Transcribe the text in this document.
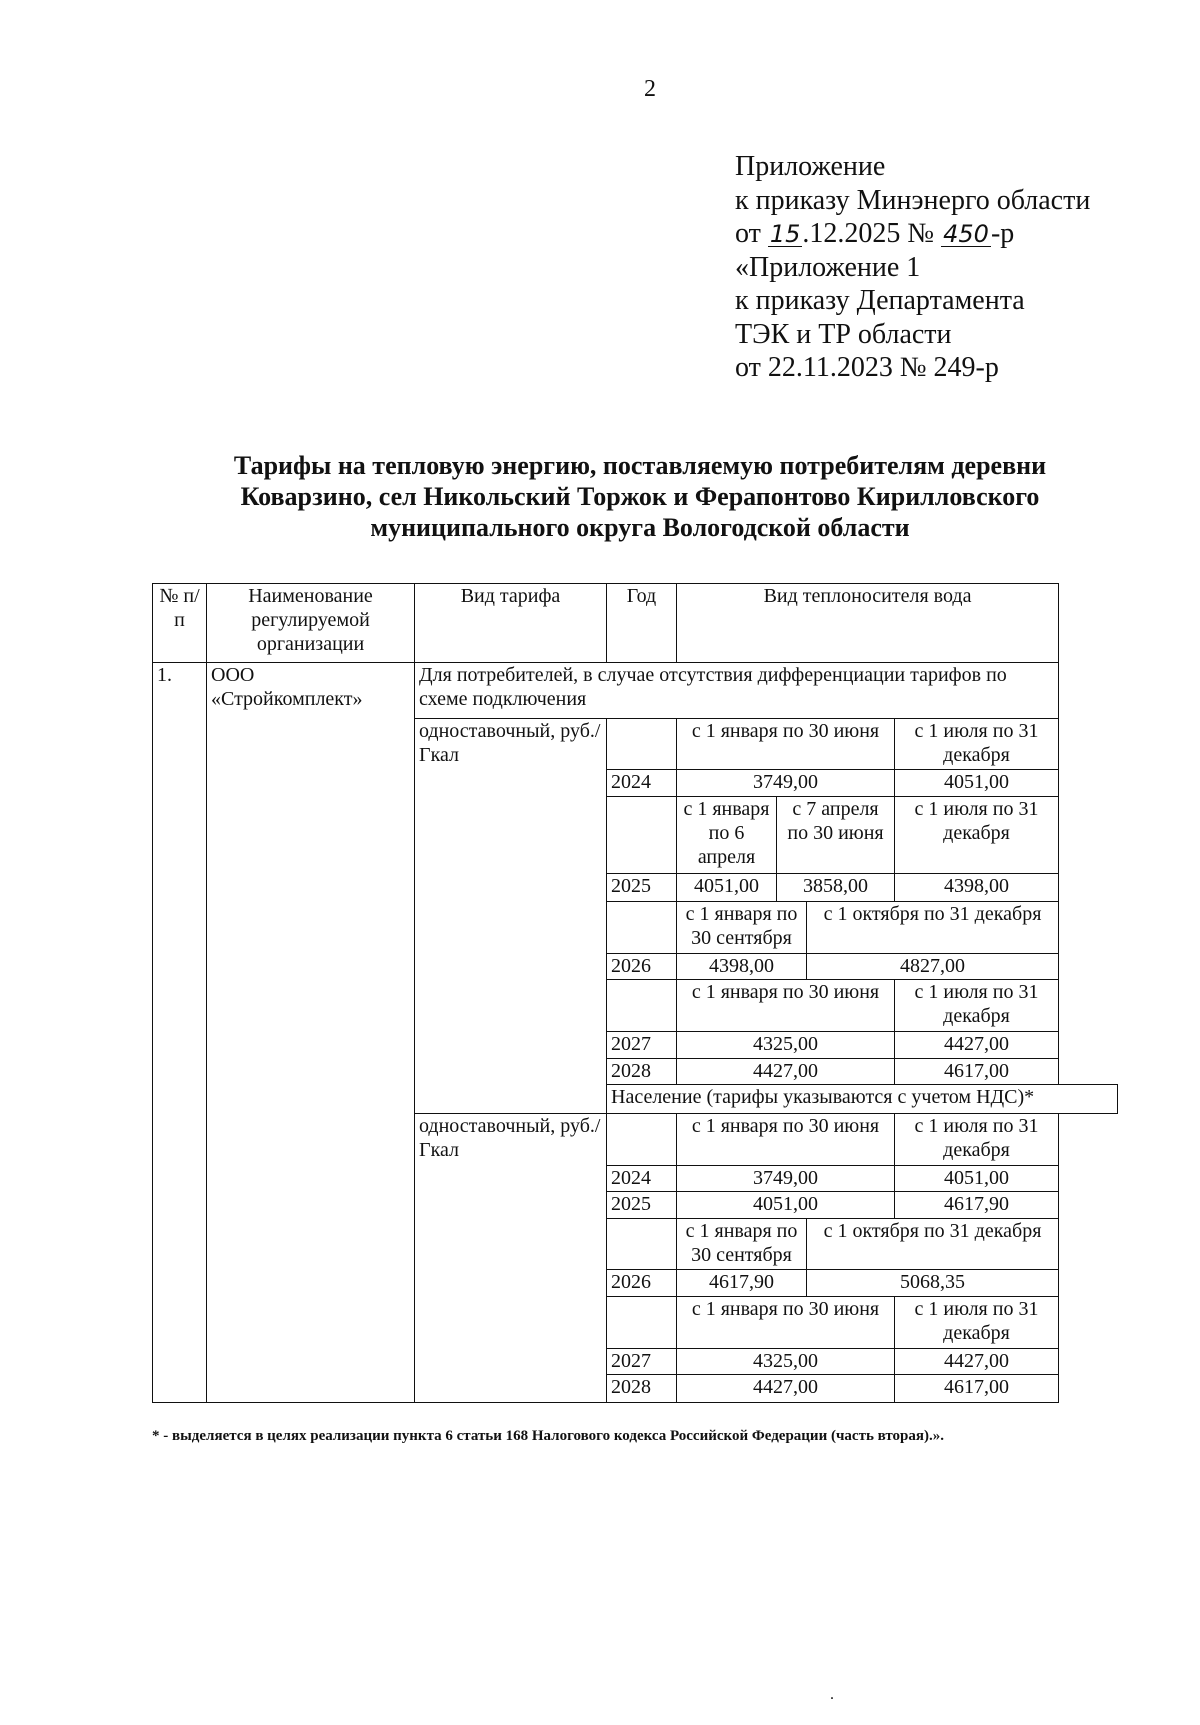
2
Приложение
к приказу Минэнерго области
от 15.12.2025 № 450-р
«Приложение 1
к приказу Департамента
ТЭК и ТР области
от 22.11.2023 № 249-р
Тарифы на тепловую энергию, поставляемую потребителям деревни
Коварзино, сел Никольский Торжок и Ферапонтово Кирилловского
муниципального округа Вологодской области
№ п/п	Наименование регулируемой организации	Вид тарифа	Год	Вид теплоносителя вода			
1.	ООО «Стройкомплект»	Для потребителей, в случае отсутствия дифференциации тарифов по схеме подключения					
		одноставочный, руб./Гкал		с 1 января по 30 июня			с 1 июля по 31 декабря
			2024	3749,00			4051,00
				с 1 января по 6 апреля	с 7 апреля по 30 июня		с 1 июля по 31 декабря
			2025	4051,00	3858,00		4398,00
				с 1 января по 30 сентября		с 1 октября по 31 декабря	
			2026	4398,00		4827,00	
				с 1 января по 30 июня			с 1 июля по 31 декабря
			2027	4325,00			4427,00
			2028	4427,00			4617,00
			Население (тарифы указываются с учетом НДС)*				
		одноставочный, руб./Гкал		с 1 января по 30 июня			с 1 июля по 31 декабря
			2024	3749,00			4051,00
			2025	4051,00			4617,90
				с 1 января по 30 сентября		с 1 октября по 31 декабря	
			2026	4617,90		5068,35	
				с 1 января по 30 июня			с 1 июля по 31 декабря
			2027	4325,00			4427,00
			2028	4427,00			4617,00
* - выделяется в целях реализации пункта 6 статьи 168 Налогового кодекса Российской Федерации (часть вторая).».
.
